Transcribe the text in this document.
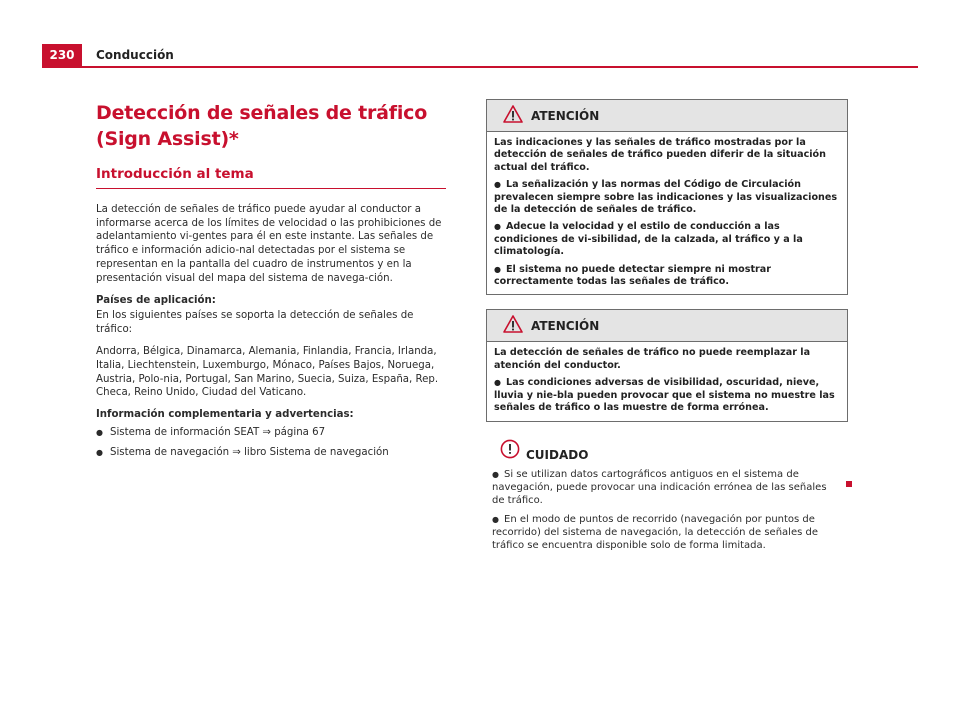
230	Conducción
Detección de señales de tráfico
(Sign Assist)*
Introducción al tema

La detección de señales de tráfico puede ayudar al conductor a informarse acerca de los límites de velocidad o las prohibiciones de adelantamiento vi-gentes para él en este instante. Las señales de tráfico e información adicio-nal detectadas por el sistema se representan en la pantalla del cuadro de instrumentos y en la presentación visual del mapa del sistema de navega-ción.

Países de aplicación:

En los siguientes países se soporta la detección de señales de tráfico:

Andorra, Bélgica, Dinamarca, Alemania, Finlandia, Francia, Irlanda, Italia, Liechtenstein, Luxemburgo, Mónaco, Países Bajos, Noruega, Austria, Polo-nia, Portugal, San Marino, Suecia, Suiza, España, Rep. Checa, Reino Unido, Ciudad del Vaticano.

Información complementaria y advertencias:

● Sistema de información SEAT ⇒ página 67
● Sistema de navegación ⇒ libro Sistema de navegación
ATENCIÓN

Las indicaciones y las señales de tráfico mostradas por la detección de señales de tráfico pueden diferir de la situación actual del tráfico.

● La señalización y las normas del Código de Circulación prevalecen siempre sobre las indicaciones y las visualizaciones de la detección de señales de tráfico.

● Adecue la velocidad y el estilo de conducción a las condiciones de vi-sibilidad, de la calzada, al tráfico y a la climatología.

● El sistema no puede detectar siempre ni mostrar correctamente todas las señales de tráfico.

ATENCIÓN

La detección de señales de tráfico no puede reemplazar la atención del conductor.

● Las condiciones adversas de visibilidad, oscuridad, nieve, lluvia y nie-bla pueden provocar que el sistema no muestre las señales de tráfico o las muestre de forma errónea.

CUIDADO

● Si se utilizan datos cartográficos antiguos en el sistema de navegación, puede provocar una indicación errónea de las señales de tráfico.

● En el modo de puntos de recorrido (navegación por puntos de recorrido) del sistema de navegación, la detección de señales de tráfico se encuentra disponible solo de forma limitada.
